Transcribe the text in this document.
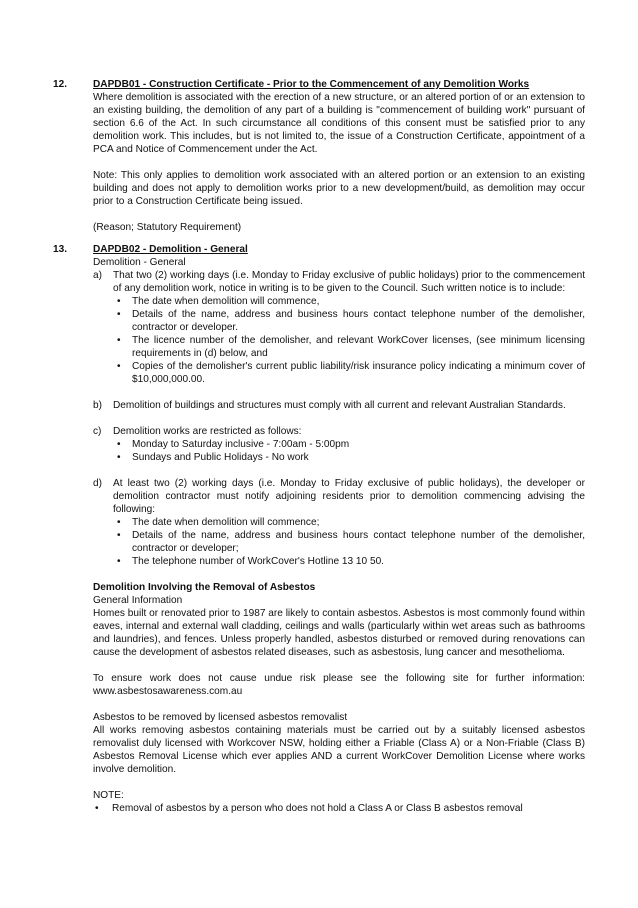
12.	DAPDB01 - Construction Certificate - Prior to the Commencement of any Demolition Works

Where demolition is associated with the erection of a new structure, or an altered portion of or an extension to an existing building, the demolition of any part of a building is "commencement of building work" pursuant of section 6.6 of the Act. In such circumstance all conditions of this consent must be satisfied prior to any demolition work. This includes, but is not limited to, the issue of a Construction Certificate, appointment of a PCA and Notice of Commencement under the Act.

Note: This only applies to demolition work associated with an altered portion or an extension to an existing building and does not apply to demolition works prior to a new development/build, as demolition may occur prior to a Construction Certificate being issued.

(Reason; Statutory Requirement)

13.	DAPDB02 - Demolition - General

Demolition - General

a) That two (2) working days (i.e. Monday to Friday exclusive of public holidays) prior to the commencement of any demolition work, notice in writing is to be given to the Council. Such written notice is to include:
• The date when demolition will commence,
• Details of the name, address and business hours contact telephone number of the demolisher, contractor or developer.
• The licence number of the demolisher, and relevant WorkCover licenses, (see minimum licensing requirements in (d) below, and
• Copies of the demolisher's current public liability/risk insurance policy indicating a minimum cover of $10,000,000.00.
b) Demolition of buildings and structures must comply with all current and relevant Australian Standards.
c) Demolition works are restricted as follows:
• Monday to Saturday inclusive - 7:00am - 5:00pm
• Sundays and Public Holidays - No work
d) At least two (2) working days (i.e. Monday to Friday exclusive of public holidays), the developer or demolition contractor must notify adjoining residents prior to demolition commencing advising the following:
• The date when demolition will commence;
• Details of the name, address and business hours contact telephone number of the demolisher, contractor or developer;
• The telephone number of WorkCover's Hotline 13 10 50.

Demolition Involving the Removal of Asbestos

General Information

Homes built or renovated prior to 1987 are likely to contain asbestos. Asbestos is most commonly found within eaves, internal and external wall cladding, ceilings and walls (particularly within wet areas such as bathrooms and laundries), and fences. Unless properly handled, asbestos disturbed or removed during renovations can cause the development of asbestos related diseases, such as asbestosis, lung cancer and mesothelioma.

To ensure work does not cause undue risk please see the following site for further information: www.asbestosawareness.com.au

Asbestos to be removed by licensed asbestos removalist

All works removing asbestos containing materials must be carried out by a suitably licensed asbestos removalist duly licensed with Workcover NSW, holding either a Friable (Class A) or a Non-Friable (Class B) Asbestos Removal License which ever applies AND a current WorkCover Demolition License where works involve demolition.

NOTE:

• Removal of asbestos by a person who does not hold a Class A or Class B asbestos removal
